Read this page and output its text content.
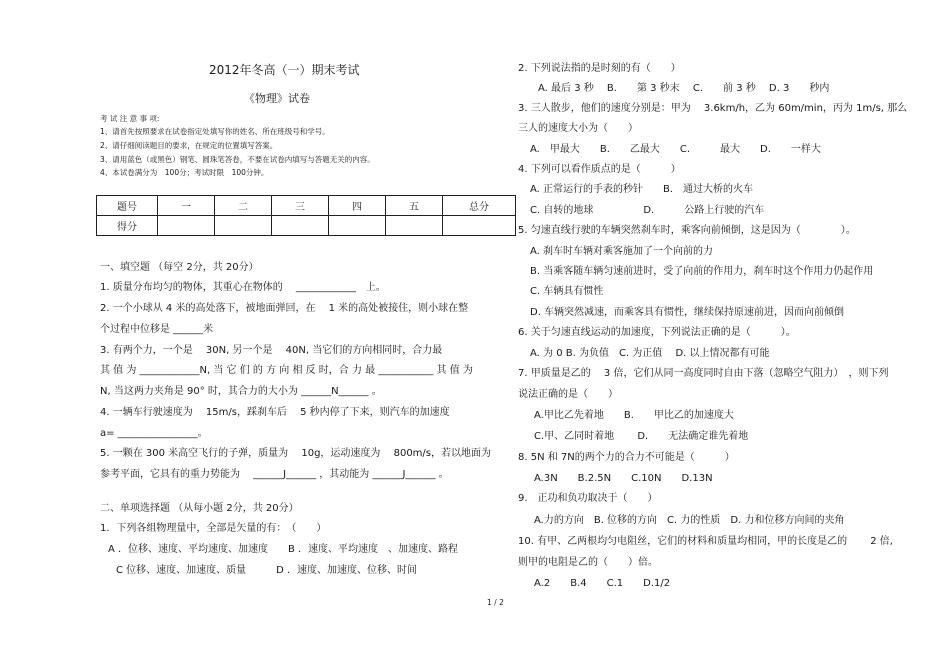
2012年冬高（一）期末考试
《物理》试卷
考 试 注 意 事 项:
1、请首先按照要求在试卷指定处填写你的姓名、所在班级号和学号。
2、请仔细阅读题目的要求，在规定的位置填写答案。
3、请用蓝色（或黑色）钢笔、圆珠笔答卷，不要在试卷内填写与答题无关的内容。
4、本试卷满分为　100分；考试时限　100分钟。
题号	一	二	三	四	五	总分
得分						
一、填空题 （每空 2分，共 20分）
1. 质量分布均匀的物体，其重心在物体的　 ____________　上。
2. 一个小球从 4 米的高处落下，被地面弹回，在　 1 米的高处被接住，则小球在整
个过程中位移是 ______米
3. 有两个力，一个是　 30N, 另一个是　 40N, 当它们的方向相同时，合力最
其 值 为 ____________N, 当 它 们 的 方 向 相 反 时，合 力 最 ___________ 其 值 为
N, 当这两力夹角是 90° 时，其合力的大小为 ______N______ 。
4. 一辆车行驶速度为　 15m/s，踩刹车后　 5 秒内停了下来，则汽车的加速度
a= ________________。
5. 一颗在 300 米高空飞行的子弹，质量为　 10g，运动速度为　 800m/s，若以地面为
参考平面，它具有的重力势能为　 ______J______ ，其动能为 ______J______ 。
二、单项选择题 （从每小题 2分，共 20分）
1．下列各组物理量中，全部是矢量的有：　（　　）
A ．位移、速度、平均速度、加速度　　B ．速度、平均速度　、加速度、路程
C 位移、速度、加速度、质量　　　D ．速度、加速度、位移、时间
2. 下列说法指的是时刻的有（　　）
A. 最后 3 秒　 B.　　第 3 秒末　 C.　　前 3 秒　 D. 3　　秒内
3. 三人散步，他们的速度分别是：甲为　 3.6km/h，乙为 60m/min，丙为 1m/s, 那么
三人的速度大小为（　　）
A.　甲最大　　B.　　乙最大　　C.　　　最大　　D.　　一样大
4. 下列可以看作质点的是（　　　）
A. 正常运行的手表的秒针　　B.　通过大桥的火车
C. 自转的地球　　　　　D.　　　公路上行驶的汽车
5. 匀速直线行驶的车辆突然刹车时，乘客向前倾倒，这是因为（　　　　）。
A. 刹车时车辆对乘客施加了一个向前的力
B. 当乘客随车辆匀速前进时，受了向前的作用力，刹车时这个作用力仍起作用
C. 车辆具有惯性
D. 车辆突然减速，而乘客具有惯性，继续保持原速前进，因而向前倾倒
6. 关于匀速直线运动的加速度，下列说法正确的是（　　　）。
A. 为 0 B. 为负值　C. 为正值　 D. 以上情况都有可能
7. 甲质量是乙的　 3 倍，它们从同一高度同时自由下落（忽略空气阻力）　，则下列
说法正确的是（　　）
A.甲比乙先着地　　B.　　甲比乙的加速度大
C.甲、乙同时着地　　 D.　　无法确定谁先着地
8. 5N 和 7N的两个力的合力不可能是（　　　）
A.3N　　B.2.5N　　C.10N　　D.13N
9.　正功和负功取决于（　　）
A.力的方向　B. 位移的方向　C. 力的性质　D. 力和位移方向间的夹角
10. 有甲、乙两根均匀电阻丝，它们的材料和质量均相同，甲的长度是乙的　　 2 倍,
则甲的电阻是乙的（　　）倍。
A.2　　B.4　　C.1　　D.1/2
1 / 2
